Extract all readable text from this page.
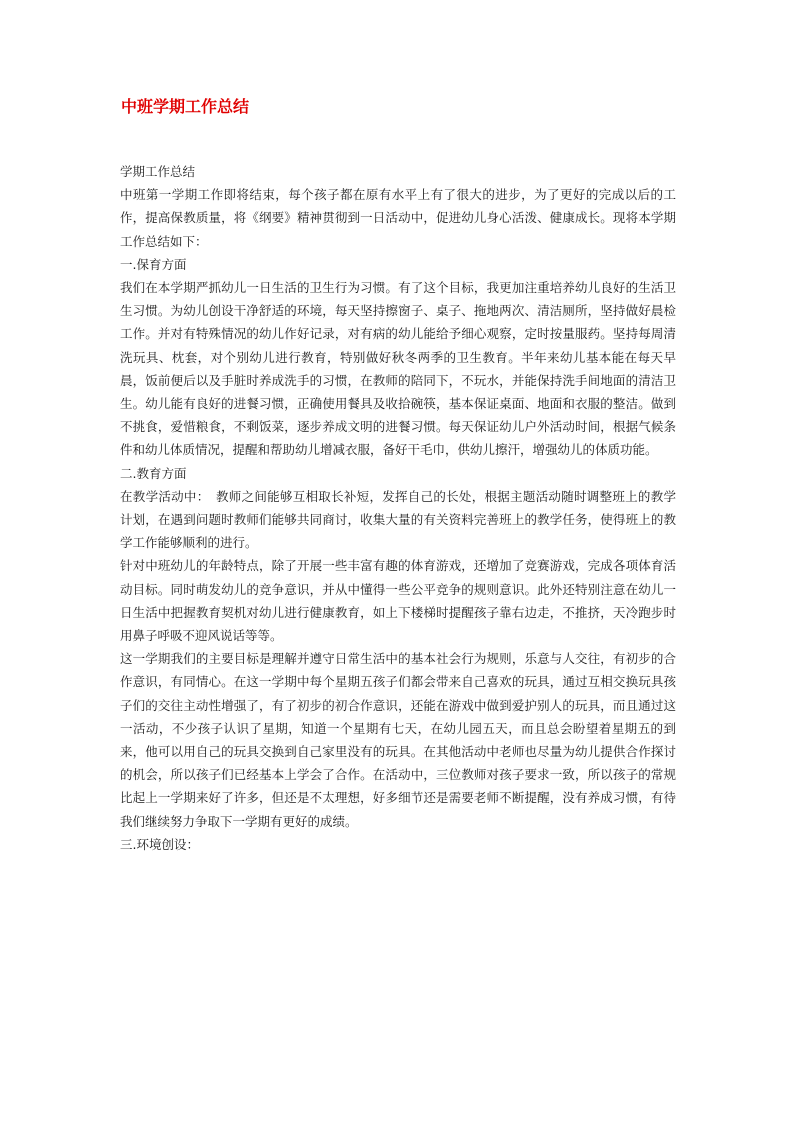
中班学期工作总结

学期工作总结

中班第一学期工作即将结束，每个孩子都在原有水平上有了很大的进步，为了更好的完成以后的工作，提高保教质量，将《纲要》精神贯彻到一日活动中，促进幼儿身心活泼、健康成长。现将本学期工作总结如下：

一.保育方面

我们在本学期严抓幼儿一日生活的卫生行为习惯。有了这个目标，我更加注重培养幼儿良好的生活卫生习惯。为幼儿创设干净舒适的环境，每天坚持擦窗子、桌子、拖地两次、清洁厕所，坚持做好晨检工作。并对有特殊情况的幼儿作好记录，对有病的幼儿能给予细心观察，定时按量服药。坚持每周清洗玩具、枕套，对个别幼儿进行教育，特别做好秋冬两季的卫生教育。半年来幼儿基本能在每天早晨，饭前便后以及手脏时养成洗手的习惯，在教师的陪同下，不玩水，并能保持洗手间地面的清洁卫生。幼儿能有良好的进餐习惯，正确使用餐具及收拾碗筷，基本保证桌面、地面和衣服的整洁。做到不挑食，爱惜粮食，不剩饭菜，逐步养成文明的进餐习惯。每天保证幼儿户外活动时间，根据气候条件和幼儿体质情况，提醒和帮助幼儿增减衣服，备好干毛巾，供幼儿擦汗，增强幼儿的体质功能。

二.教育方面

在教学活动中：　教师之间能够互相取长补短，发挥自己的长处，根据主题活动随时调整班上的教学计划，在遇到问题时教师们能够共同商讨，收集大量的有关资料完善班上的教学任务，使得班上的教学工作能够顺利的进行。

针对中班幼儿的年龄特点，除了开展一些丰富有趣的体育游戏，还增加了竞赛游戏，完成各项体育活动目标。同时萌发幼儿的竞争意识，并从中懂得一些公平竞争的规则意识。此外还特别注意在幼儿一日生活中把握教育契机对幼儿进行健康教育，如上下楼梯时提醒孩子靠右边走，不推挤，天冷跑步时用鼻子呼吸不迎风说话等等。

这一学期我们的主要目标是理解并遵守日常生活中的基本社会行为规则，乐意与人交往，有初步的合作意识，有同情心。在这一学期中每个星期五孩子们都会带来自己喜欢的玩具，通过互相交换玩具孩子们的交往主动性增强了，有了初步的初合作意识，还能在游戏中做到爱护别人的玩具，而且通过这一活动，不少孩子认识了星期，知道一个星期有七天，在幼儿园五天，而且总会盼望着星期五的到来，他可以用自己的玩具交换到自己家里没有的玩具。在其他活动中老师也尽量为幼儿提供合作探讨的机会，所以孩子们已经基本上学会了合作。在活动中，三位教师对孩子要求一致，所以孩子的常规比起上一学期来好了许多，但还是不太理想，好多细节还是需要老师不断提醒，没有养成习惯，有待我们继续努力争取下一学期有更好的成绩。

三.环境创设：
